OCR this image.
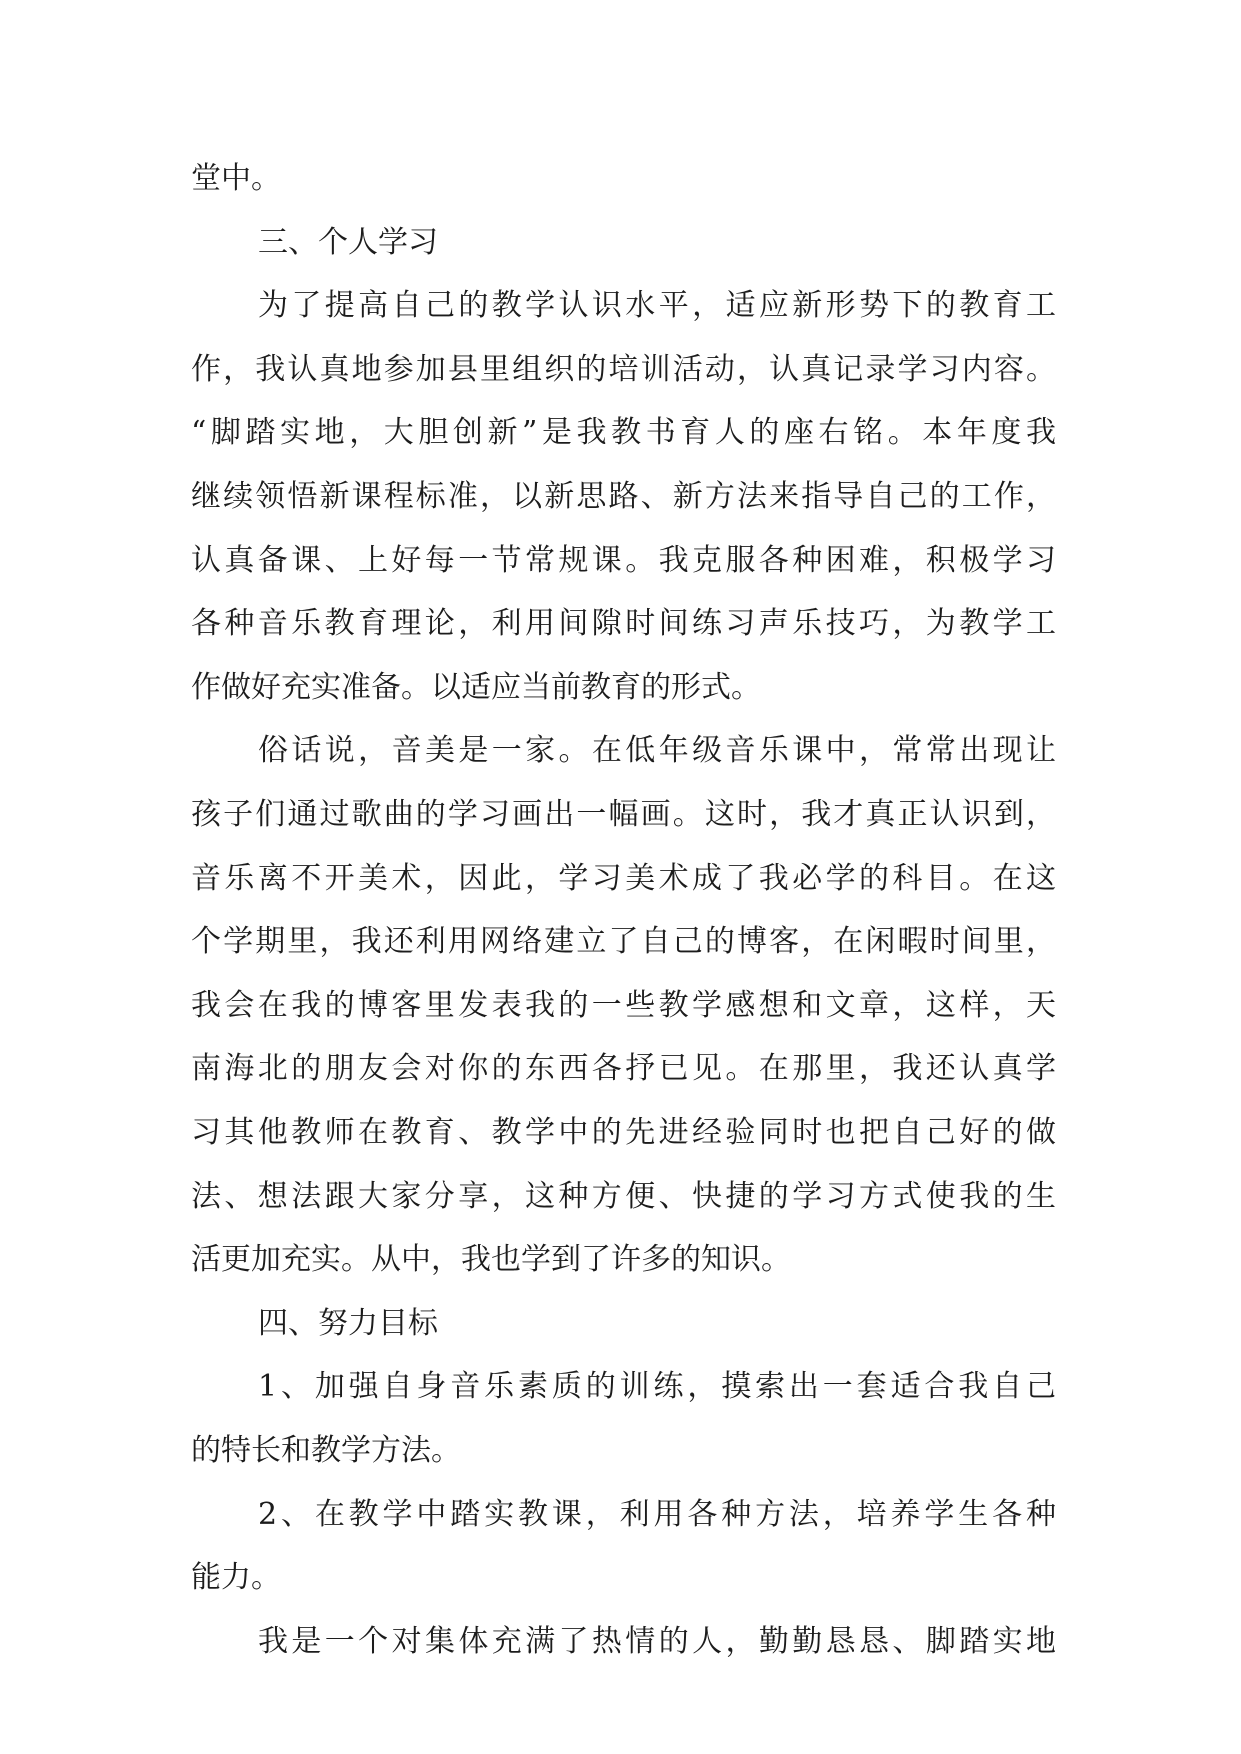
堂中。

三、个人学习

为了提高自己的教学认识水平，适应新形势下的教育工

作，我认真地参加县里组织的培训活动，认真记录学习内容。

“脚踏实地，大胆创新”是我教书育人的座右铭。本年度我

继续领悟新课程标准，以新思路、新方法来指导自己的工作，

认真备课、上好每一节常规课。我克服各种困难，积极学习

各种音乐教育理论，利用间隙时间练习声乐技巧，为教学工

作做好充实准备。以适应当前教育的形式。

俗话说，音美是一家。在低年级音乐课中，常常出现让

孩子们通过歌曲的学习画出一幅画。这时，我才真正认识到，

音乐离不开美术，因此，学习美术成了我必学的科目。在这

个学期里，我还利用网络建立了自己的博客，在闲暇时间里，

我会在我的博客里发表我的一些教学感想和文章，这样，天

南海北的朋友会对你的东西各抒已见。在那里，我还认真学

习其他教师在教育、教学中的先进经验同时也把自己好的做

法、想法跟大家分享，这种方便、快捷的学习方式使我的生

活更加充实。从中，我也学到了许多的知识。

四、努力目标

1、加强自身音乐素质的训练，摸索出一套适合我自己

的特长和教学方法。

2、在教学中踏实教课，利用各种方法，培养学生各种

能力。

我是一个对集体充满了热情的人，勤勤恳恳、脚踏实地
